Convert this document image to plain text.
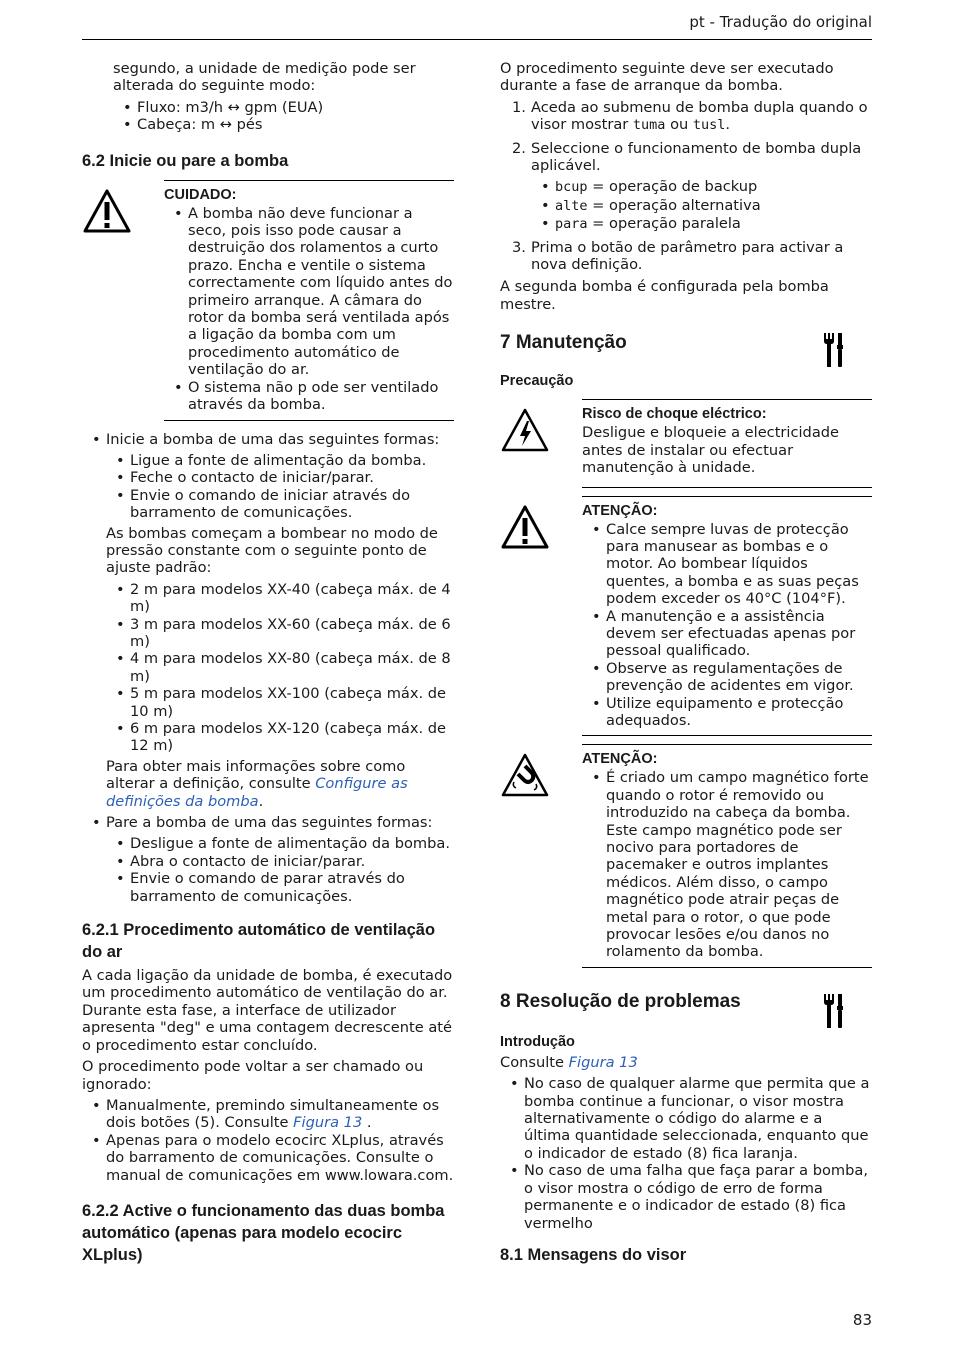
pt - Tradução do original

segundo, a unidade de medição pode ser alterada do seguinte modo:

• Fluxo: m3/h ↔ gpm (EUA)
• Cabeça: m ↔ pés
6.2 Inicie ou pare a bomba
CUIDADO:
• A bomba não deve funcionar a seco, pois isso pode causar a destruição dos rolamentos a curto prazo. Encha e ventile o sistema correctamente com líquido antes do primeiro arranque. A câmara do rotor da bomba será ventilada após a ligação da bomba com um procedimento automático de ventilação do ar.
• O sistema não p ode ser ventilado através da bomba.
• Inicie a bomba de uma das seguintes formas:
• Ligue a fonte de alimentação da bomba.
• Feche o contacto de iniciar/parar.
• Envie o comando de iniciar através do barramento de comunicações.

As bombas começam a bombear no modo de pressão constante com o seguinte ponto de ajuste padrão:

• 2 m para modelos XX-40 (cabeça máx. de 4 m)
• 3 m para modelos XX-60 (cabeça máx. de 6 m)
• 4 m para modelos XX-80 (cabeça máx. de 8 m)
• 5 m para modelos XX-100 (cabeça máx. de 10 m)
• 6 m para modelos XX-120 (cabeça máx. de 12 m)

Para obter mais informações sobre como alterar a definição, consulte Configure as definições da bomba.

• Pare a bomba de uma das seguintes formas:
• Desligue a fonte de alimentação da bomba.
• Abra o contacto de iniciar/parar.
• Envie o comando de parar através do barramento de comunicações.
6.2.1 Procedimento automático de ventilação do ar

A cada ligação da unidade de bomba, é executado um procedimento automático de ventilação do ar. Durante esta fase, a interface de utilizador apresenta "deg" e uma contagem decrescente até o procedimento estar concluído.

O procedimento pode voltar a ser chamado ou ignorado:

• Manualmente, premindo simultaneamente os dois botões (5). Consulte Figura 13 .
• Apenas para o modelo ecocirc XLplus, através do barramento de comunicações. Consulte o manual de comunicações em www.lowara.com.
6.2.2 Active o funcionamento das duas bomba automático (apenas para modelo ecocirc XLplus)

O procedimento seguinte deve ser executado durante a fase de arranque da bomba.

1. Aceda ao submenu de bomba dupla quando o visor mostrar tuma ou tusl.
2. Seleccione o funcionamento de bomba dupla aplicável.
• bcup = operação de backup
• alte = operação alternativa
• para = operação paralela
3. Prima o botão de parâmetro para activar a nova definição.

A segunda bomba é configurada pela bomba mestre.

7 Manutenção
Precaução
Risco de choque eléctrico:

Desligue e bloqueie a electricidade antes de instalar ou efectuar manutenção à unidade.

ATENÇÃO:
• Calce sempre luvas de protecção para manusear as bombas e o motor. Ao bombear líquidos quentes, a bomba e as suas peças podem exceder os 40°C (104°F).
• A manutenção e a assistência devem ser efectuadas apenas por pessoal qualificado.
• Observe as regulamentações de prevenção de acidentes em vigor.
• Utilize equipamento e protecção adequados.
ATENÇÃO:
• É criado um campo magnético forte quando o rotor é removido ou introduzido na cabeça da bomba. Este campo magnético pode ser nocivo para portadores de pacemaker e outros implantes médicos. Além disso, o campo magnético pode atrair peças de metal para o rotor, o que pode provocar lesões e/ou danos no rolamento da bomba.
8 Resolução de problemas
Introdução

Consulte Figura 13

• No caso de qualquer alarme que permita que a bomba continue a funcionar, o visor mostra alternativamente o código do alarme e a última quantidade seleccionada, enquanto que o indicador de estado (8) fica laranja.
• No caso de uma falha que faça parar a bomba, o visor mostra o código de erro de forma permanente e o indicador de estado (8) fica vermelho
8.1 Mensagens do visor
83
